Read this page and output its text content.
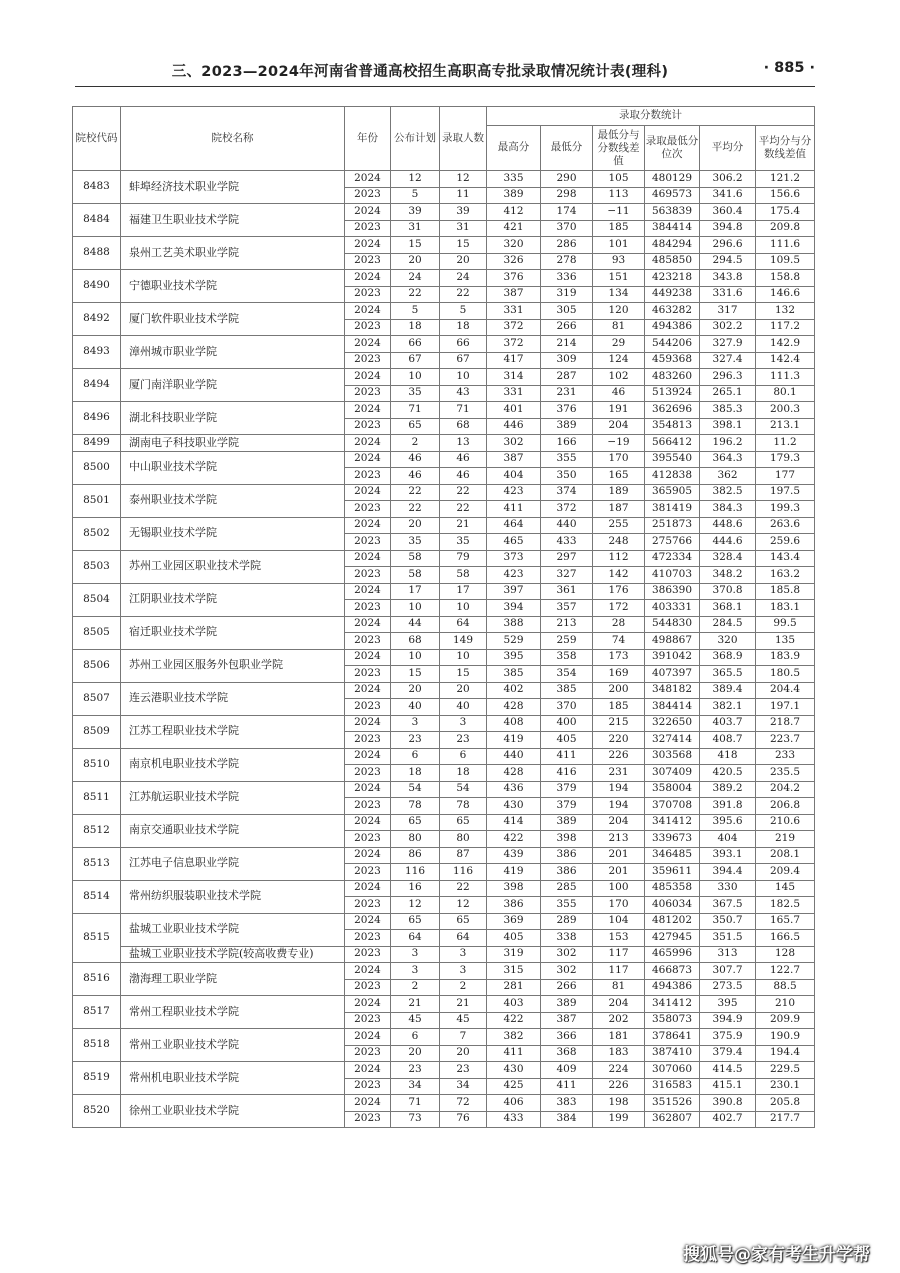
三、2023—2024年河南省普通高校招生高职高专批录取情况统计表(理科)	· 885 ·
院校代码	院校名称	年份	公布计划	录取人数	录取分数统计					
					最高分	最低分	最低分与分数线差值	录取最低分位次	平均分	平均分与分数线差值
8483	蚌埠经济技术职业学院	2024	12	12	335	290	105	480129	306.2	121.2
		2023	5	11	389	298	113	469573	341.6	156.6
8484	福建卫生职业技术学院	2024	39	39	412	174	−11	563839	360.4	175.4
		2023	31	31	421	370	185	384414	394.8	209.8
8488	泉州工艺美术职业学院	2024	15	15	320	286	101	484294	296.6	111.6
		2023	20	20	326	278	93	485850	294.5	109.5
8490	宁德职业技术学院	2024	24	24	376	336	151	423218	343.8	158.8
		2023	22	22	387	319	134	449238	331.6	146.6
8492	厦门软件职业技术学院	2024	5	5	331	305	120	463282	317	132
		2023	18	18	372	266	81	494386	302.2	117.2
8493	漳州城市职业学院	2024	66	66	372	214	29	544206	327.9	142.9
		2023	67	67	417	309	124	459368	327.4	142.4
8494	厦门南洋职业学院	2024	10	10	314	287	102	483260	296.3	111.3
		2023	35	43	331	231	46	513924	265.1	80.1
8496	湖北科技职业学院	2024	71	71	401	376	191	362696	385.3	200.3
		2023	65	68	446	389	204	354813	398.1	213.1
8499	湖南电子科技职业学院	2024	2	13	302	166	−19	566412	196.2	11.2
8500	中山职业技术学院	2024	46	46	387	355	170	395540	364.3	179.3
		2023	46	46	404	350	165	412838	362	177
8501	泰州职业技术学院	2024	22	22	423	374	189	365905	382.5	197.5
		2023	22	22	411	372	187	381419	384.3	199.3
8502	无锡职业技术学院	2024	20	21	464	440	255	251873	448.6	263.6
		2023	35	35	465	433	248	275766	444.6	259.6
8503	苏州工业园区职业技术学院	2024	58	79	373	297	112	472334	328.4	143.4
		2023	58	58	423	327	142	410703	348.2	163.2
8504	江阴职业技术学院	2024	17	17	397	361	176	386390	370.8	185.8
		2023	10	10	394	357	172	403331	368.1	183.1
8505	宿迁职业技术学院	2024	44	64	388	213	28	544830	284.5	99.5
		2023	68	149	529	259	74	498867	320	135
8506	苏州工业园区服务外包职业学院	2024	10	10	395	358	173	391042	368.9	183.9
		2023	15	15	385	354	169	407397	365.5	180.5
8507	连云港职业技术学院	2024	20	20	402	385	200	348182	389.4	204.4
		2023	40	40	428	370	185	384414	382.1	197.1
8509	江苏工程职业技术学院	2024	3	3	408	400	215	322650	403.7	218.7
		2023	23	23	419	405	220	327414	408.7	223.7
8510	南京机电职业技术学院	2024	6	6	440	411	226	303568	418	233
		2023	18	18	428	416	231	307409	420.5	235.5
8511	江苏航运职业技术学院	2024	54	54	436	379	194	358004	389.2	204.2
		2023	78	78	430	379	194	370708	391.8	206.8
8512	南京交通职业技术学院	2024	65	65	414	389	204	341412	395.6	210.6
		2023	80	80	422	398	213	339673	404	219
8513	江苏电子信息职业学院	2024	86	87	439	386	201	346485	393.1	208.1
		2023	116	116	419	386	201	359611	394.4	209.4
8514	常州纺织服装职业技术学院	2024	16	22	398	285	100	485358	330	145
		2023	12	12	386	355	170	406034	367.5	182.5
8515	盐城工业职业技术学院	2024	65	65	369	289	104	481202	350.7	165.7
		2023	64	64	405	338	153	427945	351.5	166.5
	盐城工业职业技术学院(较高收费专业)	2023	3	3	319	302	117	465996	313	128
8516	渤海理工职业学院	2024	3	3	315	302	117	466873	307.7	122.7
		2023	2	2	281	266	81	494386	273.5	88.5
8517	常州工程职业技术学院	2024	21	21	403	389	204	341412	395	210
		2023	45	45	422	387	202	358073	394.9	209.9
8518	常州工业职业技术学院	2024	6	7	382	366	181	378641	375.9	190.9
		2023	20	20	411	368	183	387410	379.4	194.4
8519	常州机电职业技术学院	2024	23	23	430	409	224	307060	414.5	229.5
		2023	34	34	425	411	226	316583	415.1	230.1
8520	徐州工业职业技术学院	2024	71	72	406	383	198	351526	390.8	205.8
		2023	73	76	433	384	199	362807	402.7	217.7
搜狐号@家有考生升学帮
